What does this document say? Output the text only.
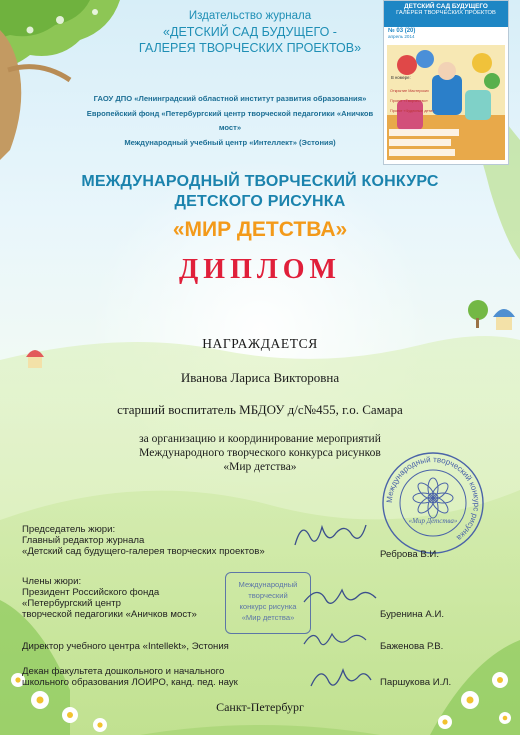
Издательство журнала
«ДЕТСКИЙ САД БУДУЩЕГО -
ГАЛЕРЕЯ ТВОРЧЕСКИХ ПРОЕКТОВ»
ГАОУ ДПО «Ленинградский областной институт развития образования»
Европейский фонд «Петербургский центр творческой педагогики «Аничков мост»
Международный учебный центр «Интеллект» (Эстония)
ДЕТСКИЙ САД БУДУЩЕГО
ГАЛЕРЕЯ ТВОРЧЕСКИХ ПРОЕКТОВ
№ 03 (20)
апрель 2014
Открытие Мастерских
Проект «Творчество»
Проект «Чудесные дети»
В номере:
МЕЖДУНАРОДНЫЙ ТВОРЧЕСКИЙ КОНКУРС
ДЕТСКОГО РИСУНКА
«МИР ДЕТСТВА»
ДИПЛОМ
НАГРАЖДАЕТСЯ
Иванова Лариса Викторовна
старший воспитатель МБДОУ д/с№455, г.о. Самара
за организацию и координирование мероприятий
Международного творческого конкурса рисунков
«Мир детства»
Международный творческий конкурс рисунка
«Мир Детства»
Председатель жюри:
Главный редактор журнала
«Детский сад будущего-галерея творческих проектов»	Реброва В.И.
Члены жюри:
Президент Российского фонда
«Петербургский центр
творческой педагогики «Аничков мост»	Буренина А.И.
Директор учебного центра «Intellekt», Эстония	Баженова Р.В.
Декан факультета дошкольного и начального
школьного образования ЛОИРО, канд. пед. наук	Паршукова И.Л.
Международный
творческий
конкурс рисунка
«Мир детства»
Санкт-Петербург
